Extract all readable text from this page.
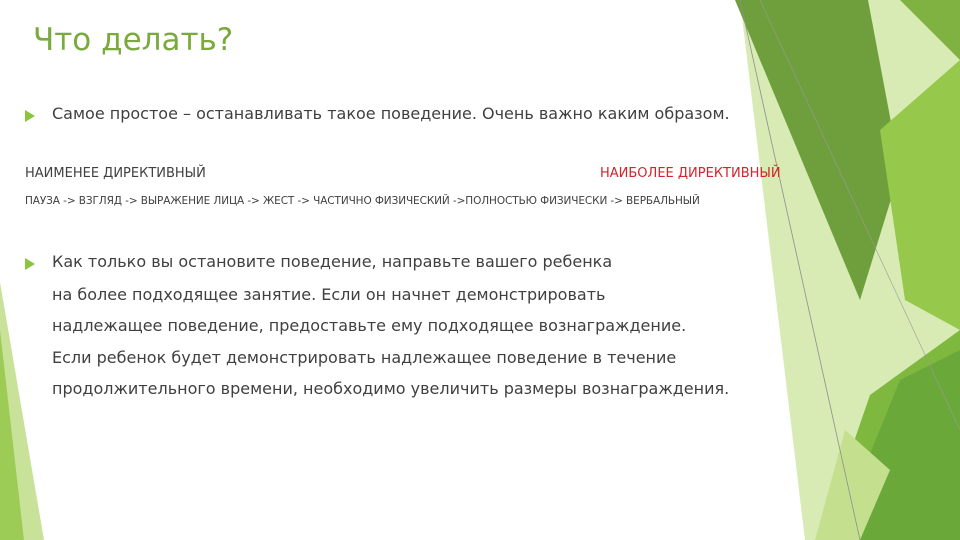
Что делать?
Самое простое – останавливать такое поведение. Очень важно каким образом.
НАИМЕНЕЕ ДИРЕКТИВНЫЙ	НАИБОЛЕЕ ДИРЕКТИВНЫЙ
ПАУЗА -> ВЗГЛЯД -> ВЫРАЖЕНИЕ ЛИЦА -> ЖЕСТ -> ЧАСТИЧНО ФИЗИЧЕСКИЙ ->ПОЛНОСТЬЮ ФИЗИЧЕСКИ -> ВЕРБАЛЬНЫЙ
Как только вы остановите поведение, направьте вашего ребенка
на более подходящее занятие. Если он начнет демонстрировать
надлежащее поведение, предоставьте ему подходящее вознаграждение.
Если ребенок будет демонстрировать надлежащее поведение в течение
продолжительного времени, необходимо увеличить размеры вознаграждения.
